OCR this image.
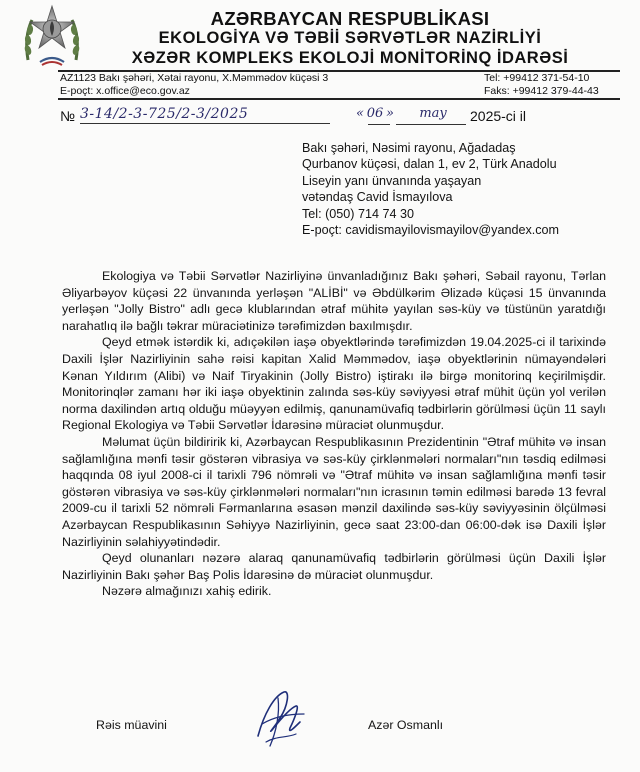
AZƏRBAYCAN RESPUBLİKASI
EKOLOGİYA VƏ TƏBİİ SƏRVƏTLƏR NAZİRLİYİ
XƏZƏR KOMPLEKS EKOLOJİ MONİTORİNQ İDARƏSİ
AZ1123 Bakı şəhəri, Xətai rayonu, X.Məmmədov küçəsi 3
E-poçt: x.office@eco.gov.az
Tel: +99412 371-54-10
Faks: +99412 379-44-43
№ 3-14/2-3-725/2-3/2025	« 06 » may	2025-ci il
Bakı şəhəri, Nəsimi rayonu, Ağadadaş
Qurbanov küçəsi, dalan 1, ev 2, Türk Anadolu
Liseyin yanı ünvanında yaşayan
vətəndaş Cavid İsmayılova
Tel: (050) 714 74 30
E-poçt: cavidismayilovismayilov@yandex.com

Ekologiya və Təbii Sərvətlər Nazirliyinə ünvanladığınız Bakı şəhəri, Səbail rayonu, Tərlan Əliyarbəyov küçəsi 22 ünvanında yerləşən "ALİBİ" və Əbdülkərim Əlizadə küçəsi 15 ünvanında yerləşən "Jolly Bistro" adlı gecə klublarından ətraf mühitə yayılan səs-küy və tüstünün yaratdığı narahatlıq ilə bağlı təkrar müraciətinizə tərəfimizdən baxılmışdır.

Qeyd etmək istərdik ki, adıçəkilən iaşə obyektlərində tərəfimizdən 19.04.2025-ci il tarixində Daxili İşlər Nazirliyinin sahə rəisi kapitan Xalid Məmmədov, iaşə obyektlərinin nümayəndələri Kənan Yıldırım (Alibi) və Naif Tiryakinin (Jolly Bistro) iştirakı ilə birgə monitorinq keçirilmişdir. Monitorinqlər zamanı hər iki iaşə obyektinin zalında səs-küy səviyyəsi ətraf mühit üçün yol verilən norma daxilindən artıq olduğu müəyyən edilmiş, qanunamüvafiq tədbirlərin görülməsi üçün 11 saylı Regional Ekologiya və Təbii Sərvətlər İdarəsinə müraciət olunmuşdur.

Məlumat üçün bildiririk ki, Azərbaycan Respublikasının Prezidentinin "Ətraf mühitə və insan sağlamlığına mənfi təsir göstərən vibrasiya və səs-küy çirklənmələri normaları"nın təsdiq edilməsi haqqında 08 iyul 2008-ci il tarixli 796 nömrəli və "Ətraf mühitə və insan sağlamlığına mənfi təsir göstərən vibrasiya və səs-küy çirklənmələri normaları"nın icrasının təmin edilməsi barədə 13 fevral 2009-cu il tarixli 52 nömrəli Fərmanlarına əsasən mənzil daxilində səs-küy səviyyəsinin ölçülməsi Azərbaycan Respublikasının Səhiyyə Nazirliyinin, gecə saat 23:00-dan 06:00-dək isə Daxili İşlər Nazirliyinin səlahiyyətindədir.

Qeyd olunanları nəzərə alaraq qanunamüvafiq tədbirlərin görülməsi üçün Daxili İşlər Nazirliyinin Bakı şəhər Baş Polis İdarəsinə də müraciət olunmuşdur.

Nəzərə almağınızı xahiş edirik.

Rəis müavini	Azər Osmanlı
